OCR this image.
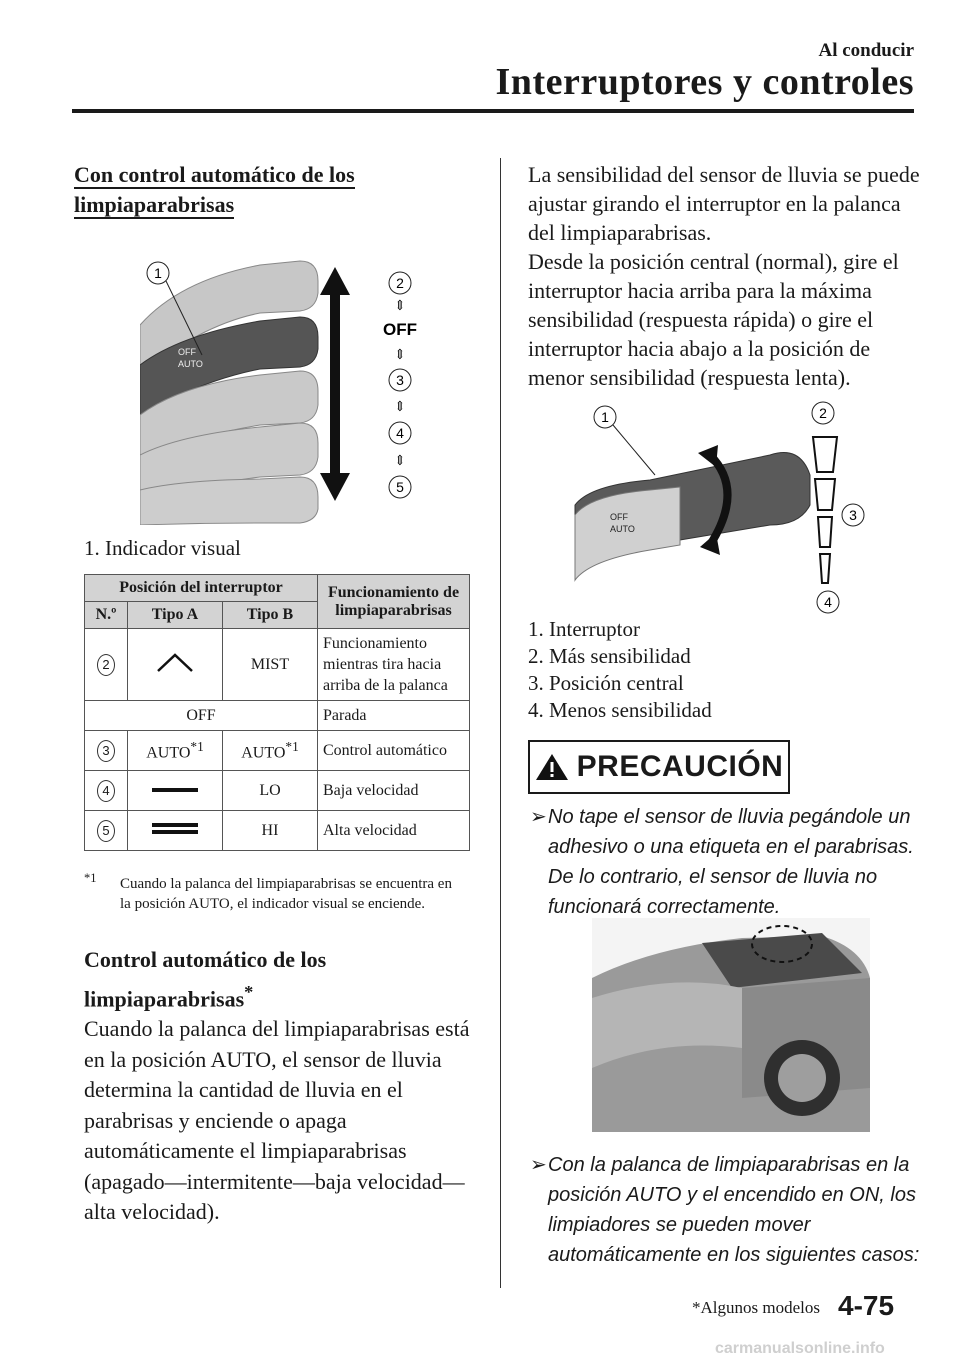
Al conducir
Interruptores y controles
Con control automático de los limpiaparabrisas
OFF
AUTO
1
2
⇕
OFF
⇕
3
⇕
4
⇕
5
1. Indicador visual
Posición del interruptor			Funcionamiento de limpiaparabrisas
N.º	Tipo A	Tipo B	
2		MIST	Funcionamiento mientras tira hacia arriba de la palanca
OFF			Parada
3	AUTO$^{*1}$	AUTO$^{*1}$	Control automático
4		LO	Baja velocidad
5		HI	Alta velocidad
$^{*1}$	Cuando la palanca del limpiaparabrisas se encuentra en la posición AUTO, el indicador visual se enciende.
Control automático de los limpiaparabrisas*
Cuando la palanca del limpiaparabrisas está en la posición AUTO, el sensor de lluvia determina la cantidad de lluvia en el parabrisas y enciende o apaga automáticamente el limpiaparabrisas (apagado—intermitente—baja velocidad—alta velocidad).
La sensibilidad del sensor de lluvia se puede ajustar girando el interruptor en la palanca del limpiaparabrisas.
Desde la posición central (normal), gire el interruptor hacia arriba para la máxima sensibilidad (respuesta rápida) o gire el interruptor hacia abajo a la posición de menor sensibilidad (respuesta lenta).
OFF
AUTO
1	2
3
4
1. Interruptor
2. Más sensibilidad
3. Posición central
4. Menos sensibilidad
PRECAUCIÓN
➢ No tape el sensor de lluvia pegándole un adhesivo o una etiqueta en el parabrisas. De lo contrario, el sensor de lluvia no funcionará correctamente.
➢ Con la palanca de limpiaparabrisas en la posición AUTO y el encendido en ON, los limpiadores se pueden mover automáticamente en los siguientes casos:
*Algunos modelos 4-75
carmanualsonline.info
